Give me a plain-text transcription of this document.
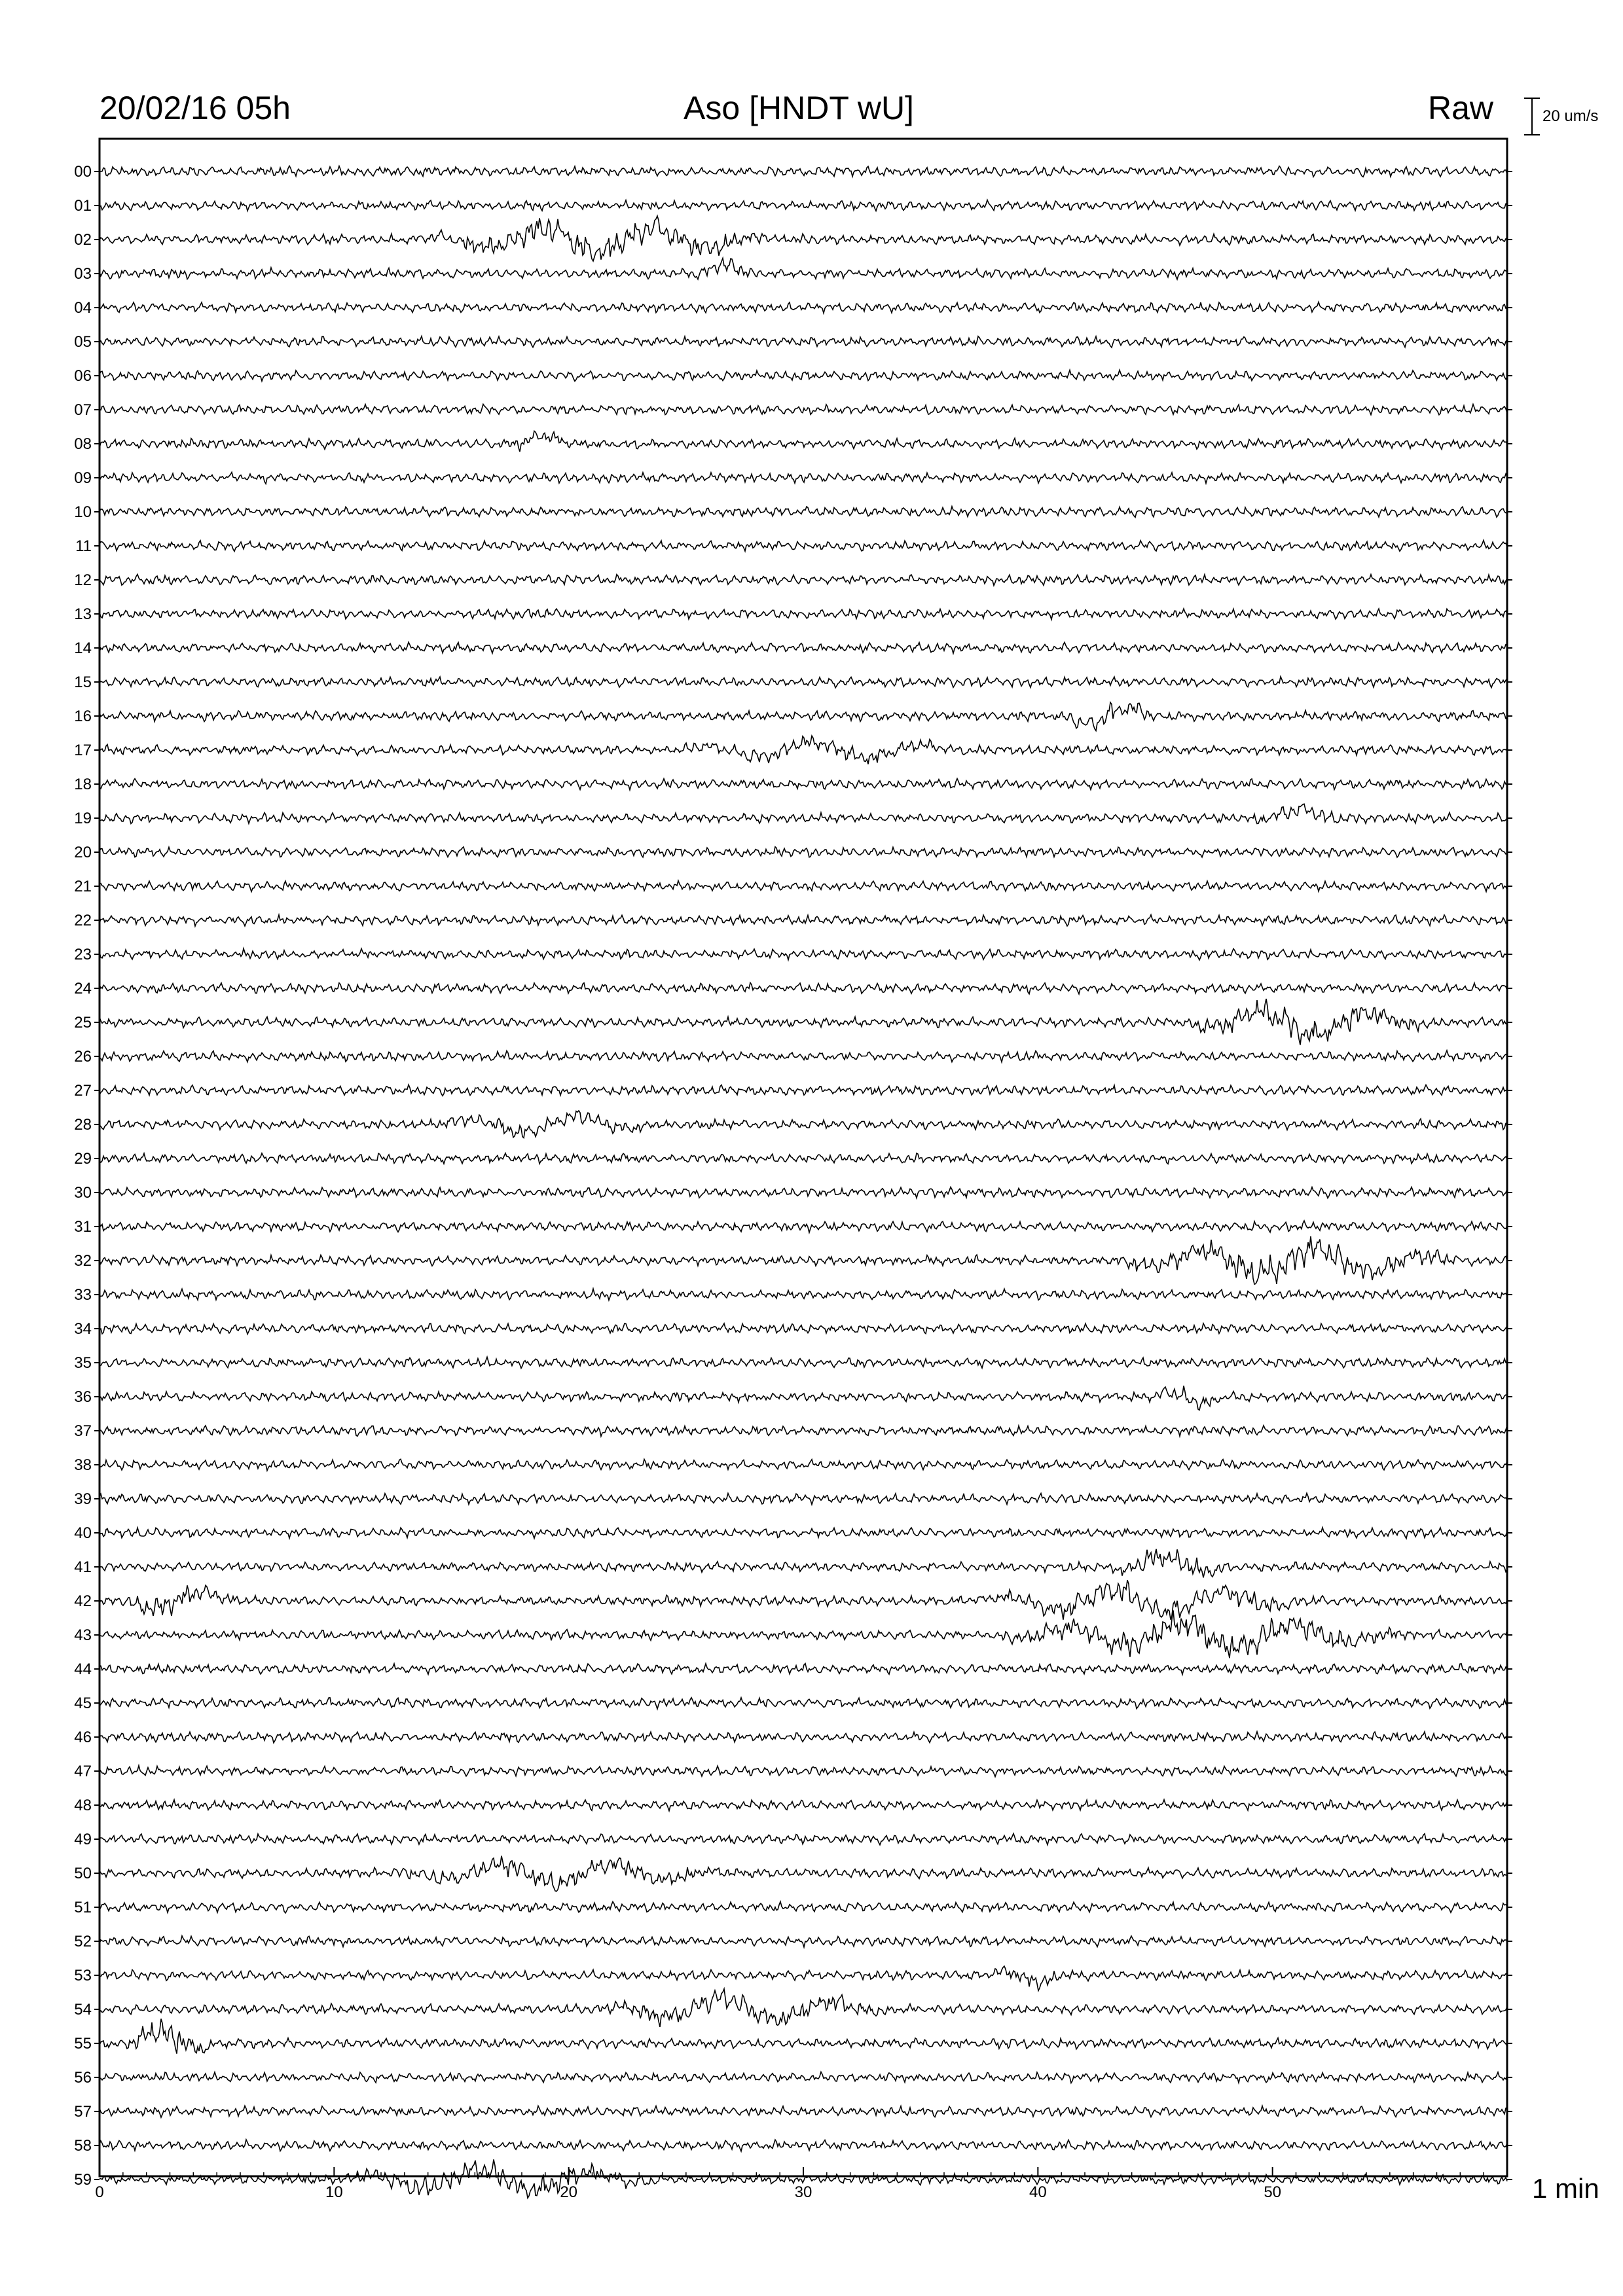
20/02/16 05h	Aso [HNDT wU]	Raw	20 um/s
00
01
02
03
04
05
06
07
08
09
10
11
12
13
14
15
16
17
18
19
20
21
22
23
24
25
26
27
28
29
30
31
32
33
34
35
36
37
38
39
40
41
42
43
44
45
46
47
48
49
50
51
52
53
54
55
56
57
58
59
0	10	20	30	40	50	1 min
